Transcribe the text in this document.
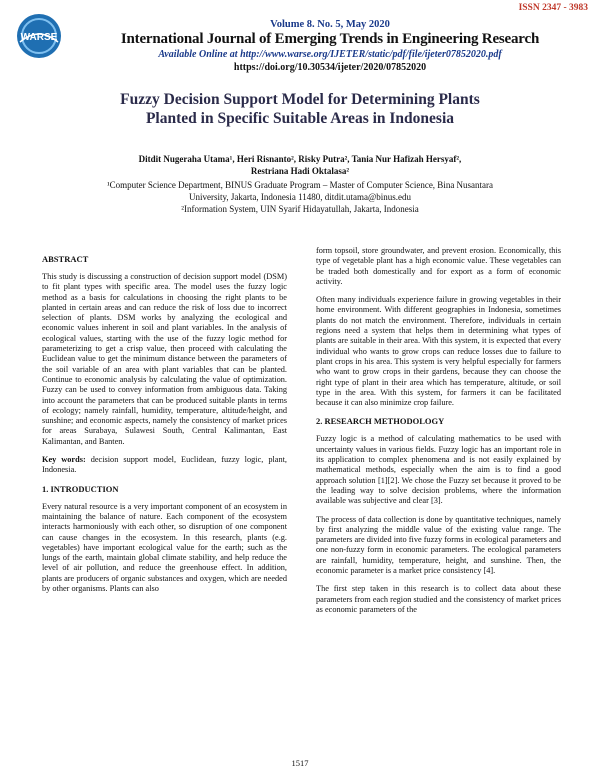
ISSN 2347 - 3983
WARSE
Volume 8. No. 5, May 2020
International Journal of Emerging Trends in Engineering Research
Available Online at http://www.warse.org/IJETER/static/pdf/file/ijeter07852020.pdf
https://doi.org/10.30534/ijeter/2020/07852020
Fuzzy Decision Support Model for Determining Plants
Planted in Specific Suitable Areas in Indonesia
Ditdit Nugeraha Utama¹, Heri Risnanto², Risky Putra², Tania Nur Hafizah Hersyaf²,
Restriana Hadi Oktalasa²
¹Computer Science Department, BINUS Graduate Program – Master of Computer Science, Bina Nusantara
University, Jakarta, Indonesia 11480, ditdit.utama@binus.edu
²Information System, UIN Syarif Hidayatullah, Jakarta, Indonesia
ABSTRACT

This study is discussing a construction of decision support model (DSM) to fit plant types with specific area. The model uses the fuzzy logic method as a basis for calculations in choosing the right plants to be planted in certain areas and can reduce the risk of loss due to incorrect selection of plants. DSM works by analyzing the ecological and economic values inherent in soil and plant variables. In the analysis of ecological values, starting with the use of the fuzzy logic method for parameterizing to get a crisp value, then proceed with calculating the Euclidean value to get the minimum distance between the parameters of the soil variable of an area with plant variables that can be planted. Continue to economic analysis by calculating the value of optimization. Fuzzy can be used to convey information from ambiguous data. Taking into account the parameters that can be produced suitable plants in terms of ecology; namely rainfall, humidity, temperature, altitude/height, and sunshine; and economic aspects, namely the consistency of market prices for areas Surabaya, Sulawesi South, Central Kalimantan, East Kalimantan, and Banten.

Key words: decision support model, Euclidean, fuzzy logic, plant, Indonesia.

1. INTRODUCTION

Every natural resource is a very important component of an ecosystem in maintaining the balance of nature. Each component of the ecosystem interacts harmoniously with each other, so disruption of one component can cause changes in the ecosystem. In this research, plants (e.g. vegetables) have important ecological value for the earth; such as the lungs of the earth, maintain global climate stability, and help reduce the level of air pollution, and reduce the greenhouse effect. In addition, plants are producers of organic substances and oxygen, which are needed by other organisms. Plants can also

form topsoil, store groundwater, and prevent erosion. Economically, this type of vegetable plant has a high economic value. These vegetables can be traded both domestically and for export as a form of economic activity.

Often many individuals experience failure in growing vegetables in their home environment. With different geographies in Indonesia, sometimes plants do not match the environment. Therefore, individuals in certain regions need a system that helps them in determining what types of plants are suitable in their area. With this system, it is expected that every individual who wants to grow crops can reduce losses due to failure to plant crops in his area. This system is very helpful especially for farmers who want to grow crops in their gardens, because they can choose the right type of plant in their area which has temperature, altitude, or soil type in the area. With this system, for farmers it can be facilitated because it can also minimize crop failure.

2. RESEARCH METHODOLOGY

Fuzzy logic is a method of calculating mathematics to be used with uncertainty values in various fields. Fuzzy logic has an important role in its application to complex phenomena and is not easily explained by mathematical methods, especially when the aim is to find a good approach solution [1][2]. We chose the Fuzzy set because it proved to be the leading way to solve decision problems, where the information available was subjective and clear [3].

The process of data collection is done by quantitative techniques, namely by first analyzing the middle value of the existing value range. The parameters are divided into five fuzzy forms in ecological parameters and one non-fuzzy form in economic parameters. The ecological parameters are rainfall, humidity, temperature, height, and sunshine. Then, the economic parameter is a market price consistency [4].

The first step taken in this research is to collect data about these parameters from each region studied and the consistency of market prices as economic parameters of the

1517
